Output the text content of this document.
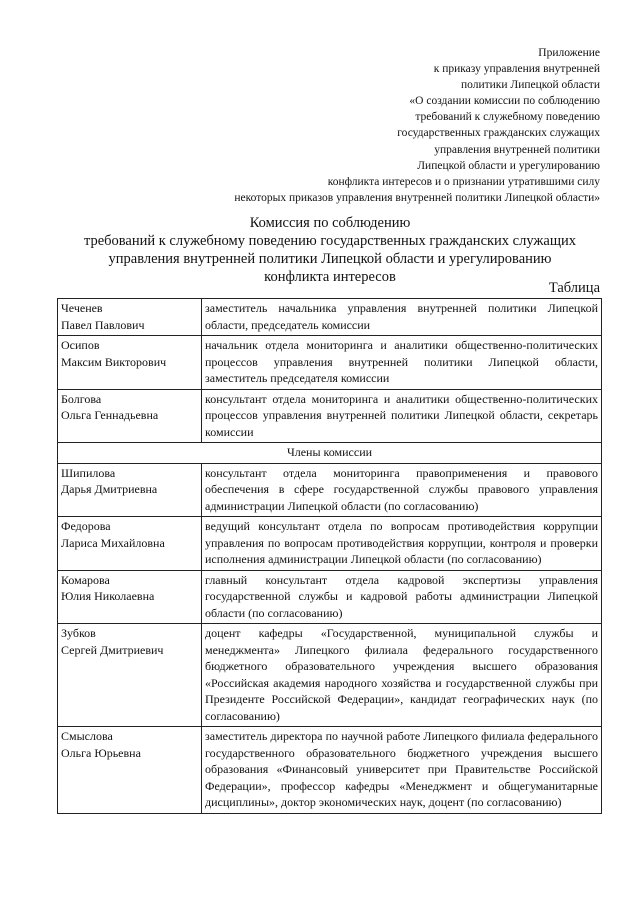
Приложение
к приказу управления внутренней
политики Липецкой области
«О создании комиссии по соблюдению
требований к служебному поведению
государственных гражданских служащих
управления внутренней политики
Липецкой области и урегулированию
конфликта интересов и о признании утратившими силу
некоторых приказов управления внутренней политики Липецкой области»
Комиссия по соблюдению
требований к служебному поведению государственных гражданских служащих
управления внутренней политики Липецкой области и урегулированию
конфликта интересов
Таблица
Чеченев
Павел Павлович	заместитель начальника управления внутренней политики Липецкой области, председатель комиссии

Осипов
Максим Викторович	начальник отдела мониторинга и аналитики общественно-политических процессов управления внутренней политики Липецкой области, заместитель председателя комиссии

Болгова
Ольга Геннадьевна	консультант отдела мониторинга и аналитики общественно-политических процессов управления внутренней политики Липецкой области, секретарь комиссии
Члены комиссии	

Шипилова
Дарья Дмитриевна	консультант отдела мониторинга правоприменения и правового обеспечения в сфере государственной службы правового управления администрации Липецкой области (по согласованию)

Федорова
Лариса Михайловна	ведущий консультант отдела по вопросам противодействия коррупции управления по вопросам противодействия коррупции, контроля и проверки исполнения администрации Липецкой области (по согласованию)

Комарова
Юлия Николаевна	главный консультант отдела кадровой экспертизы управления государственной службы и кадровой работы администрации Липецкой области (по согласованию)

Зубков
Сергей Дмитриевич	доцент кафедры «Государственной, муниципальной службы и менеджмента» Липецкого филиала федерального государственного бюджетного образовательного учреждения высшего образования «Российская академия народного хозяйства и государственной службы при Президенте Российской Федерации», кандидат географических наук (по согласованию)

Смыслова
Ольга Юрьевна	заместитель директора по научной работе Липецкого филиала федерального государственного образовательного бюджетного учреждения высшего образования «Финансовый университет при Правительстве Российской Федерации», профессор кафедры «Менеджмент и общегуманитарные дисциплины», доктор экономических наук, доцент (по согласованию)
